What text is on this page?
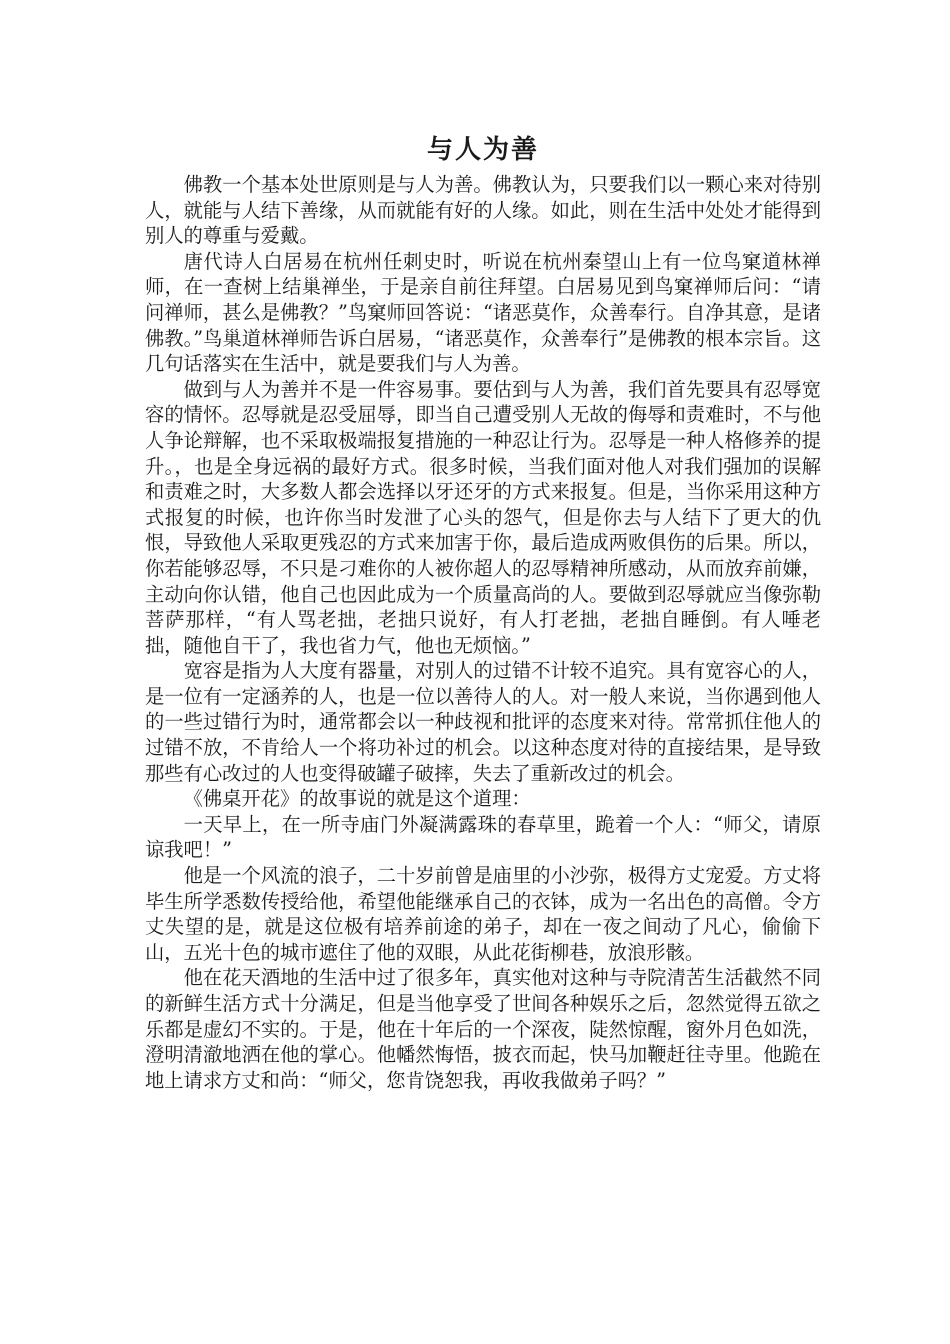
与人为善

佛教一个基本处世原则是与人为善。佛教认为，只要我们以一颗心来对待别人，就能与人结下善缘，从而就能有好的人缘。如此，则在生活中处处才能得到别人的尊重与爱戴。

唐代诗人白居易在杭州任刺史时，听说在杭州秦望山上有一位鸟窠道林禅师，在一查树上结巢禅坐，于是亲自前往拜望。白居易见到鸟窠禅师后问：“请问禅师，甚么是佛教？”鸟窠师回答说：“诸恶莫作，众善奉行。自净其意，是诸佛教。”鸟巢道林禅师告诉白居易，“诸恶莫作，众善奉行”是佛教的根本宗旨。这几句话落实在生活中，就是要我们与人为善。

做到与人为善并不是一件容易事。要估到与人为善，我们首先要具有忍辱宽容的情怀。忍辱就是忍受屈辱，即当自己遭受别人无故的侮辱和责难时，不与他人争论辩解，也不采取极端报复措施的一种忍让行为。忍辱是一种人格修养的提升。，也是全身远祸的最好方式。很多时候，当我们面对他人对我们强加的误解和责难之时，大多数人都会选择以牙还牙的方式来报复。但是，当你采用这种方式报复的时候，也许你当时发泄了心头的怨气，但是你去与人结下了更大的仇恨，导致他人采取更残忍的方式来加害于你，最后造成两败俱伤的后果。所以，你若能够忍辱，不只是刁难你的人被你超人的忍辱精神所感动，从而放弃前嫌，主动向你认错，他自己也因此成为一个质量高尚的人。要做到忍辱就应当像弥勒菩萨那样，“有人骂老拙，老拙只说好，有人打老拙，老拙自睡倒。有人唾老拙，随他自干了，我也省力气，他也无烦恼。”

宽容是指为人大度有器量，对别人的过错不计较不追究。具有宽容心的人，是一位有一定涵养的人，也是一位以善待人的人。对一般人来说，当你遇到他人的一些过错行为时，通常都会以一种歧视和批评的态度来对待。常常抓住他人的过错不放，不肯给人一个将功补过的机会。以这种态度对待的直接结果，是导致那些有心改过的人也变得破罐子破摔，失去了重新改过的机会。

《佛桌开花》的故事说的就是这个道理：

一天早上，在一所寺庙门外凝满露珠的春草里，跪着一个人：“师父，请原谅我吧！”

他是一个风流的浪子，二十岁前曾是庙里的小沙弥，极得方丈宠爱。方丈将毕生所学悉数传授给他，希望他能继承自己的衣钵，成为一名出色的高僧。令方丈失望的是，就是这位极有培养前途的弟子，却在一夜之间动了凡心，偷偷下山，五光十色的城市遮住了他的双眼，从此花街柳巷，放浪形骸。

他在花天酒地的生活中过了很多年，真实他对这种与寺院清苦生活截然不同的新鲜生活方式十分满足，但是当他享受了世间各种娱乐之后，忽然觉得五欲之乐都是虚幻不实的。于是，他在十年后的一个深夜，陡然惊醒，窗外月色如洗，澄明清澈地洒在他的掌心。他幡然悔悟，披衣而起，快马加鞭赶往寺里。他跪在地上请求方丈和尚：“师父，您肯饶恕我，再收我做弟子吗？”
